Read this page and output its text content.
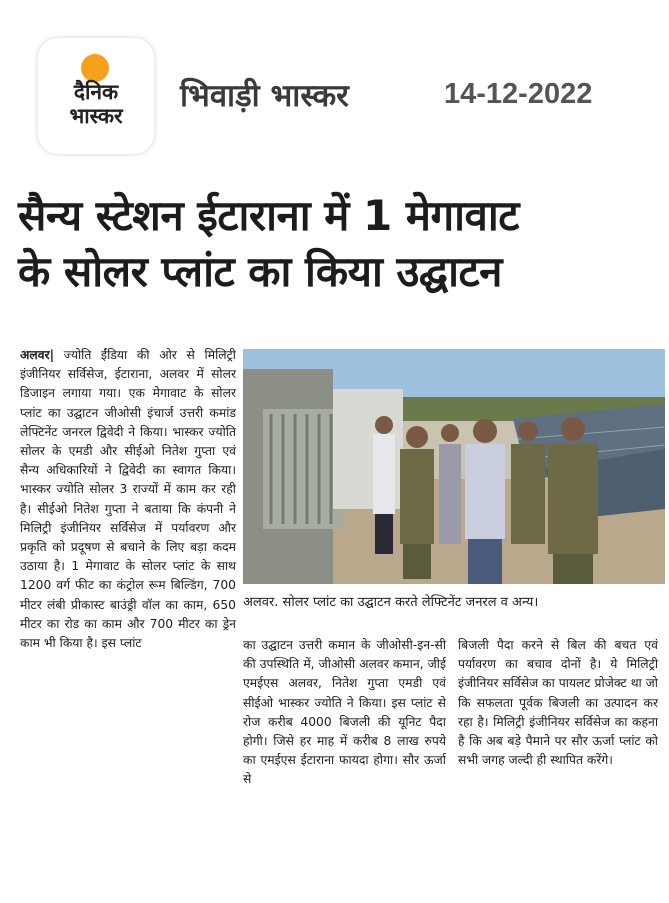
दैनिक
भास्कर
भिवाड़ी भास्कर	14-12-2022
सैन्य स्टेशन ईटाराना में 1 मेगावाट
के सोलर प्लांट का किया उद्घाटन
अलवर| ज्योति ईंडिया की ओर से मिलिट्री इंजीनियर सर्विसेज, ईटाराना, अलवर में सोलर डिजाइन लगाया गया। एक मेगावाट के सोलर प्लांट का उद्घाटन जीओसी इंचार्ज उत्तरी कमांड लेफ्टिनेंट जनरल द्विवेदी ने किया। भास्कर ज्योति सोलर के एमडी और सीईओ नितेश गुप्ता एवं सैन्य अधिकारियों ने द्विवेदी का स्वागत किया। भास्कर ज्योति सोलर 3 राज्यों में काम कर रही है। सीईओ नितेश गुप्ता ने बताया कि कंपनी ने मिलिट्री इंजीनियर सर्विसेज में पर्यावरण और प्रकृति को प्रदूषण से बचाने के लिए बड़ा कदम उठाया है। 1 मेगावाट के सोलर प्लांट के साथ 1200 वर्ग फीट का कंट्रोल रूम बिल्डिंग, 700 मीटर लंबी प्रीकास्ट बाउंड्री वॉल का काम, 650 मीटर का रोड का काम और 700 मीटर का ड्रेन काम भी किया है। इस प्लांट
अलवर. सोलर प्लांट का उद्घाटन करते लेफ्टिनेंट जनरल व अन्य।
का उद्घाटन उत्तरी कमान के जीओसी-इन-सी की उपस्थिति में, जीओसी अलवर कमान, जीई एमईएस अलवर, नितेश गुप्ता एमडी एवं सीईओ भास्कर ज्योति ने किया। इस प्लांट से रोज करीब 4000 बिजली की यूनिट पैदा होगी। जिसे हर माह में करीब 8 लाख रुपये का एमईएस ईटाराना फायदा होगा। सौर ऊर्जा से
बिजली पैदा करने से बिल की बचत एवं पर्यावरण का बचाव दोनों है। ये मिलिट्री इंजीनियर सर्विसेज का पायलट प्रोजेक्ट था जो कि सफलता पूर्वक बिजली का उत्पादन कर रहा है। मिलिट्री इंजीनियर सर्विसेज का कहना है कि अब बड़े पैमाने पर सौर ऊर्जा प्लांट को सभी जगह जल्दी ही स्थापित करेंगे।
